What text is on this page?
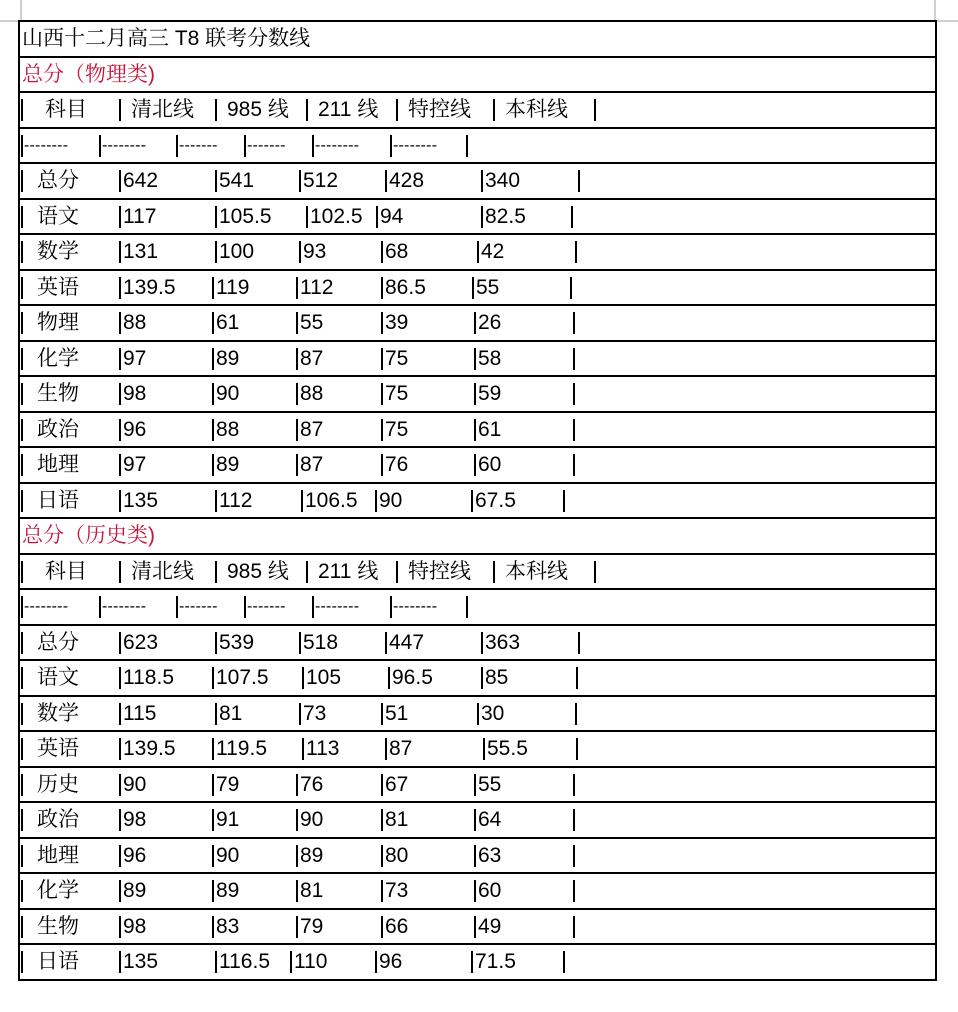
山西十二月高三 T8 联考分数线

总分（物理类)
科目 清北线 985 线 211 线 特控线 本科线
-------- -------- ------- ------- -------- --------
总分 642	541 512 428	340
语文 117	105.5 102.5 94	82.5
数学 131	100 93	68	42
英语 139.5 119 112 86.5 55
物理 88	61	55	39	26
化学 97	89	87	75	58
生物 98	90	88	75	59
政治 96	88	87	75	61
地理 97	89	87	76	60
日语 135	112	106.5 90	67.5
总分（历史类)
科目 清北线 985 线 211 线 特控线 本科线
-------- -------- ------- ------- -------- --------
总分 623	539 518 447	363
语文 118.5 107.5 105 96.5 85
数学 115	81	73	51	30
英语 139.5 119.5 113 87	55.5
历史 90	79	76	67	55
政治 98	91	90	81	64
地理 96	90	89	80	63
化学 89	89	81	73	60
生物 98	83	79	66	49
日语 135	116.5 110 96	71.5
